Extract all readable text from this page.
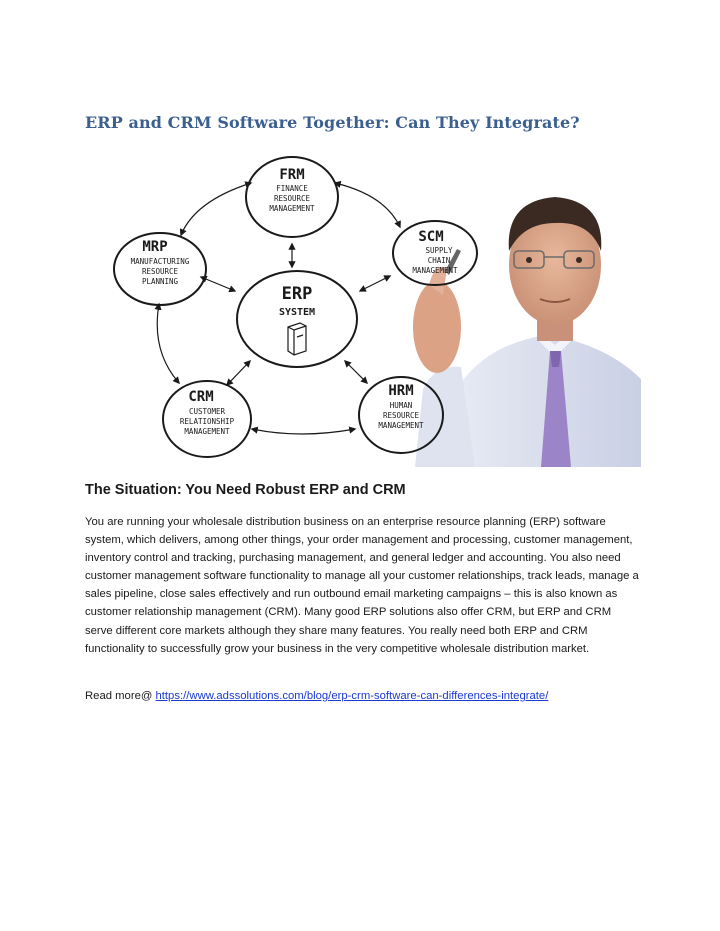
ERP and CRM Software Together: Can They Integrate?
FRM
FINANCE
RESOURCE
MANAGEMENT
MRP
MANUFACTURING
RESOURCE
PLANNING
SCM
SUPPLY
CHAIN
MANAGEMENT
ERP
SYSTEM
CRM
CUSTOMER
RELATIONSHIP
MANAGEMENT
HRM
HUMAN
RESOURCE
MANAGEMENT
The Situation: You Need Robust ERP and CRM

You are running your wholesale distribution business on an enterprise resource planning (ERP) software system, which delivers, among other things, your order management and processing, customer management, inventory control and tracking, purchasing management, and general ledger and accounting. You also need customer management software functionality to manage all your customer relationships, track leads, manage a sales pipeline, close sales effectively and run outbound email marketing campaigns – this is also known as customer relationship management (CRM). Many good ERP solutions also offer CRM, but ERP and CRM serve different core markets although they share many features. You really need both ERP and CRM functionality to successfully grow your business in the very competitive wholesale distribution market.

Read more@ https://www.adssolutions.com/blog/erp-crm-software-can-differences-integrate/
